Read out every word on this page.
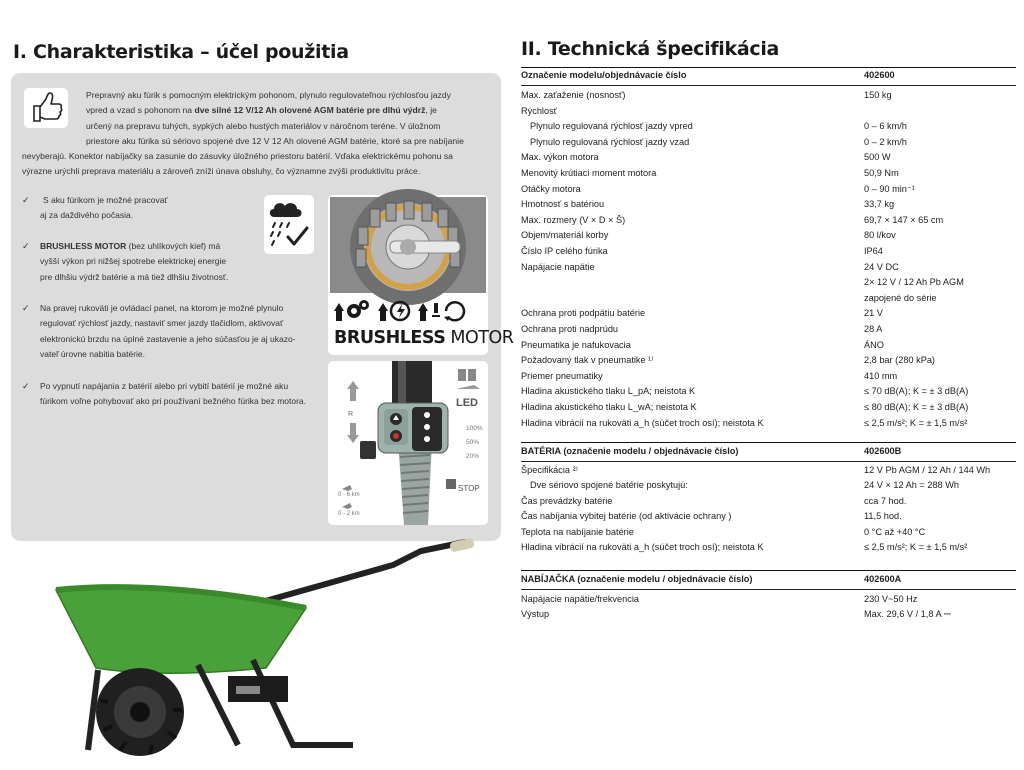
I. Charakteristika – účel použitia
Prepravný aku fúrik s pomocným elektrickým pohonom, plynulo regulovateľnou rýchlosťou jazdy
vpred a vzad s pohonom na dve silné 12 V/12 Ah olovené AGM batérie pre dlhú výdrž, je
určený na prepravu tuhých, sypkých alebo hustých materiálov v náročnom teréne. V úložnom
priestore aku fúrika sú sériovo spojené dve 12 V 12 Ah olovené AGM batérie, ktoré sa pre nabíjanie
nevyberajú. Konektor nabíjačky sa zasunie do zásuvky úložného priestoru batérií. Vďaka elektrickému pohonu sa
výrazne urýchli preprava materiálu a zároveň zníži únava obsluhy, čo významne zvýši produktivitu práce.
✓	S aku fúrikom je možné pracovať
aj za daždivého počasia.
✓ BRUSHLESS MOTOR (bez uhlíkových kief) má
vyšší výkon pri nižšej spotrebe elektrickej energie
pre dlhšiu výdrž batérie a má tiež dlhšiu životnosť.
✓ Na pravej rukoväti je ovládací panel, na ktorom je možné plynulo
regulovať rýchlosť jazdy, nastaviť smer jazdy tlačidlom, aktivovať
elektronickú brzdu na úplné zastavenie a jeho súčasťou je aj ukazo-
vateľ úrovne nabitia batérie.
✓ Po vypnutí napájania z batérií alebo pri vybití batérií je možné aku
fúrikom voľne pohybovať ako pri používaní bežného fúrika bez motora.
BRUSHLESS MOTOR
LED
100%
50%
20%
STOP
R
0 - 6 km
0 - 2 km
II. Technická špecifikácia
Označenie modelu/objednávacie číslo	402600
Max. zaťaženie (nosnosť)	150 kg
Rýchlosť
Plynulo regulovaná rýchlosť jazdy vpred	0 – 6 km/h
Plynulo regulovaná rýchlosť jazdy vzad	0 – 2 km/h
Max. výkon motora	500 W
Menovitý krútiaci moment motora	50,9 Nm
Otáčky motora	0 – 90 min⁻¹
Hmotnosť s batériou	33,7 kg
Max. rozmery (V × D × Š)	69,7 × 147 × 65 cm
Objem/materiál korby	80 l/kov
Číslo IP celého fúrika	IP64
Napájacie napätie	24 V DC
2× 12 V / 12 Ah Pb AGM
zapojené do série
Ochrana proti podpätiu batérie	21 V
Ochrana proti nadprúdu	28 A
Pneumatika je nafukovacia	ÁNO
Požadovaný tlak v pneumatike ¹⁾	2,8 bar (280 kPa)
Priemer pneumatiky	410 mm
Hladina akustického tlaku L_pA; neistota K	≤ 70 dB(A); K = ± 3 dB(A)
Hladina akustického tlaku L_wA; neistota K	≤ 80 dB(A); K = ± 3 dB(A)
Hladina vibrácií na rukoväti a_h (súčet troch osí); neistota K	≤ 2,5 m/s²; K = ± 1,5 m/s²
BATÉRIA (označenie modelu / objednávacie číslo)	402600B
Špecifikácia ²⁾	12 V Pb AGM / 12 Ah / 144 Wh
Dve sériovo spojené batérie poskytujú:	24 V × 12 Ah = 288 Wh
Čas prevádzky batérie	cca 7 hod.
Čas nabíjania vybitej batérie (od aktivácie ochrany )	11,5 hod.
Teplota na nabíjanie batérie	0 °C až +40 °C
Hladina vibrácií na rukoväti a_h (súčet troch osí); neistota K	≤ 2,5 m/s²; K = ± 1,5 m/s²
NABÍJAČKA (označenie modelu / objednávacie číslo)	402600A
Napájacie napätie/frekvencia	230 V~50 Hz
Výstup	Max. 29,6 V / 1,8 A ⎓
